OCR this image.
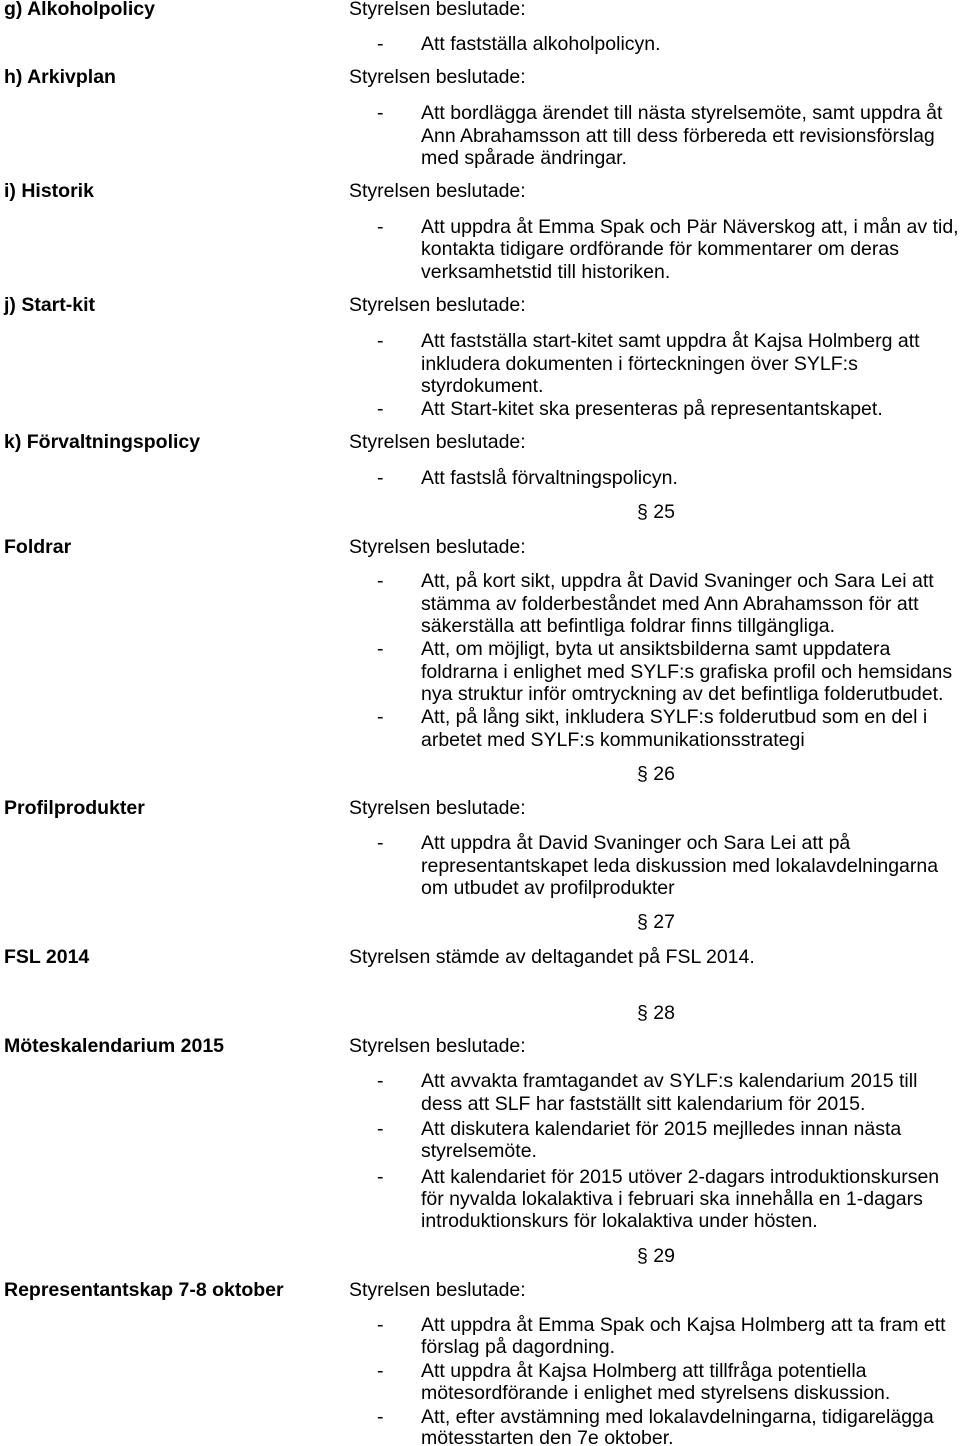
g) Alkoholpolicy	Styrelsen beslutade:
- Att fastställa alkoholpolicyn.
h) Arkivplan	Styrelsen beslutade:
- Att bordlägga ärendet till nästa styrelsemöte, samt uppdra åt
Ann Abrahamsson att till dess förbereda ett revisionsförslag
med spårade ändringar.
i) Historik	Styrelsen beslutade:
- Att uppdra åt Emma Spak och Pär Näverskog att, i mån av tid,
kontakta tidigare ordförande för kommentarer om deras
verksamhetstid till historiken.
j) Start-kit	Styrelsen beslutade:
- Att fastställa start-kitet samt uppdra åt Kajsa Holmberg att
inkludera dokumenten i förteckningen över SYLF:s
styrdokument.
- Att Start-kitet ska presenteras på representantskapet.
k) Förvaltningspolicy	Styrelsen beslutade:
- Att fastslå förvaltningspolicyn.
§ 25
Foldrar	Styrelsen beslutade:
- Att, på kort sikt, uppdra åt David Svaninger och Sara Lei att
stämma av folderbeståndet med Ann Abrahamsson för att
säkerställa att befintliga foldrar finns tillgängliga.
- Att, om möjligt, byta ut ansiktsbilderna samt uppdatera
foldrarna i enlighet med SYLF:s grafiska profil och hemsidans
nya struktur inför omtryckning av det befintliga folderutbudet.
- Att, på lång sikt, inkludera SYLF:s folderutbud som en del i
arbetet med SYLF:s kommunikationsstrategi
§ 26
Profilprodukter	Styrelsen beslutade:
- Att uppdra åt David Svaninger och Sara Lei att på
representantskapet leda diskussion med lokalavdelningarna
om utbudet av profilprodukter
§ 27
FSL 2014	Styrelsen stämde av deltagandet på FSL 2014.
§ 28
Möteskalendarium 2015	Styrelsen beslutade:
- Att avvakta framtagandet av SYLF:s kalendarium 2015 till
dess att SLF har fastställt sitt kalendarium för 2015.
- Att diskutera kalendariet för 2015 mejlledes innan nästa
styrelsemöte.
- Att kalendariet för 2015 utöver 2-dagars introduktionskursen
för nyvalda lokalaktiva i februari ska innehålla en 1-dagars
introduktionskurs för lokalaktiva under hösten.
§ 29
Representantskap 7-8 oktober	Styrelsen beslutade:
- Att uppdra åt Emma Spak och Kajsa Holmberg att ta fram ett
förslag på dagordning.
- Att uppdra åt Kajsa Holmberg att tillfråga potentiella
mötesordförande i enlighet med styrelsens diskussion.
- Att, efter avstämning med lokalavdelningarna, tidigarelägga
mötesstarten den 7e oktober.
